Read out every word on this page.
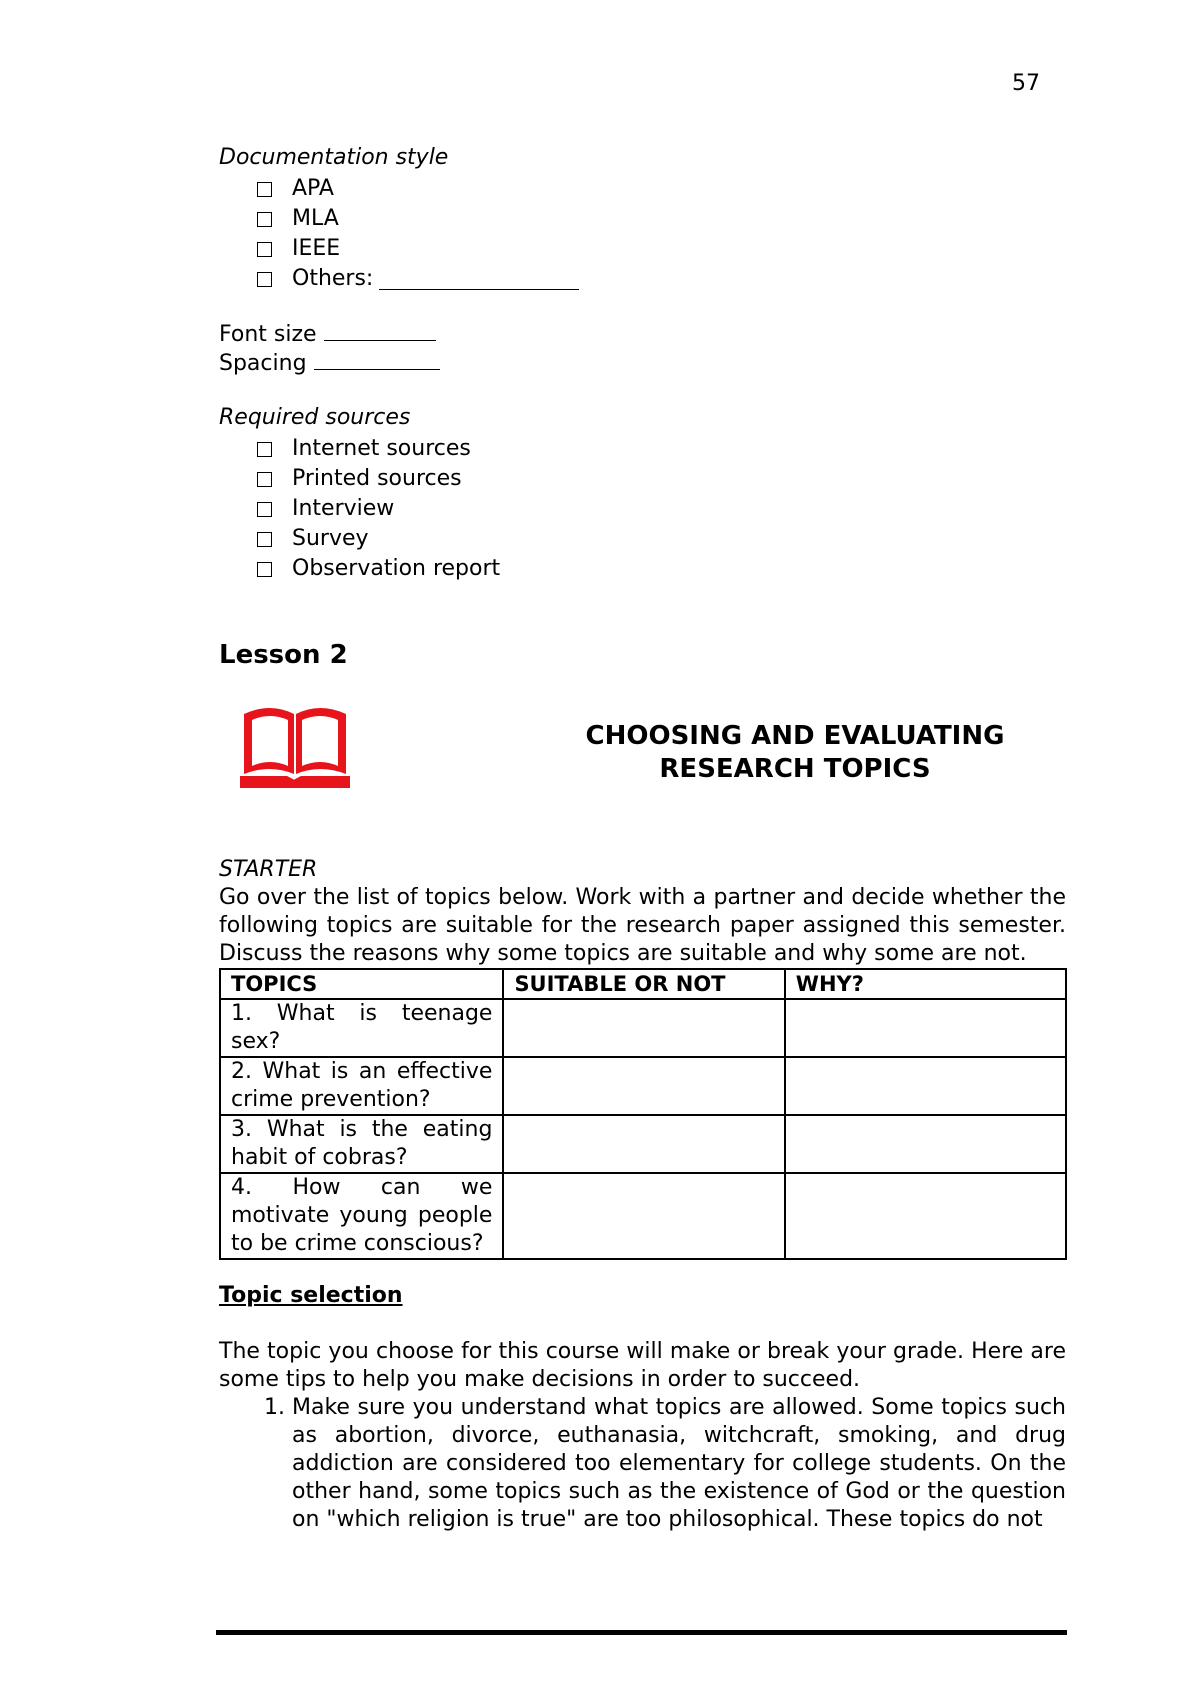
57
Documentation style
APA
MLA
IEEE
Others:
Font size
Spacing
Required sources
Internet sources
Printed sources
Interview
Survey
Observation report
Lesson 2
CHOOSING AND EVALUATING
RESEARCH TOPICS
STARTER
Go over the list of topics below. Work with a partner and decide whether the following topics are suitable for the research paper assigned this semester. Discuss the reasons why some topics are suitable and why some are not.
TOPICS	SUITABLE OR NOT	WHY?
1. What is teenage sex?		
2. What is an effective crime prevention?		
3. What is the eating habit of cobras?		
4. How can we motivate young people to be crime conscious?		
Topic selection
The topic you choose for this course will make or break your grade. Here are some tips to help you make decisions in order to succeed.
1. Make sure you understand what topics are allowed. Some topics such as abortion, divorce, euthanasia, witchcraft, smoking, and drug addiction are considered too elementary for college students. On the other hand, some topics such as the existence of God or the question on "which religion is true" are too philosophical. These topics do not
